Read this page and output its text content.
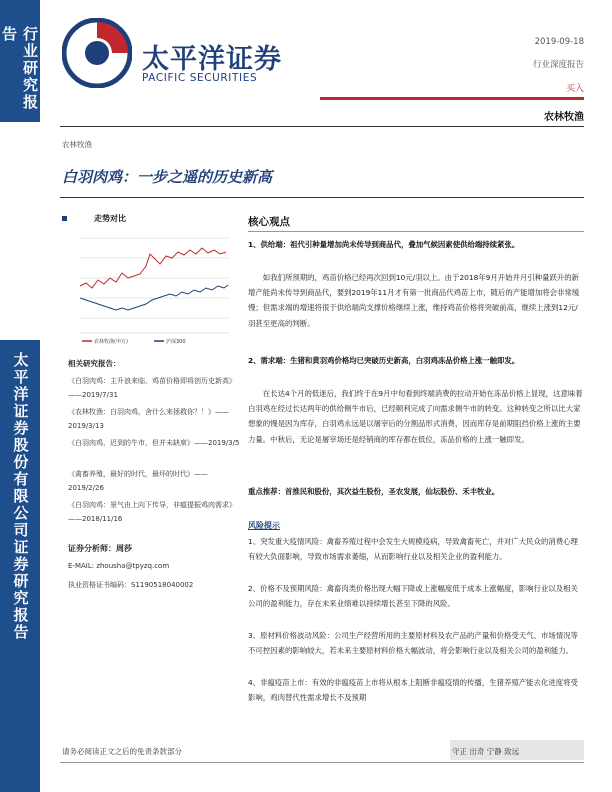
行业研究报告
太平洋证券股份有限公司证券研究报告
太平洋证券
PACIFIC SECURITIES
2019-09-18
行业深度报告
买入
农林牧渔
农林牧渔
白羽肉鸡：一步之遥的历史新高
走势对比
农林牧渔(申万)	沪深300
相关研究报告：
《白羽肉鸡：主升浪来临，鸡苗价格即将创历史新高》——2019/7/31
《农林牧渔：白羽肉鸡，舍什么来拯救你？！》——2019/3/13
《白羽肉鸡，迟到的牛市，但并未缺席》——2019/3/5
《禽畜养殖，最好的时代，最坏的时代》——2019/2/26
《白羽肉鸡：景气由上向下传导，非瘟提振鸡肉需求》——2018/11/16
证券分析师：周莎
E-MAIL: zhousha@tpyzq.com
执业资格证书编码：S1190518040002
核心观点
1、供给端：祖代引种量增加尚未传导到商品代，叠加气候因素使供给端持续紧张。
如我们所预期的，鸡苗价格已经再次回到10元/羽以上。由于2018年9月开始并月引种量跃升的新增产能尚未传导到商品代，要到2019年11月才有第一批商品代鸡苗上市，随后的产能增加将会非常缓慢；但需求端的增速将很于供给端尚支撑价格继续上涨，维持鸡苗价格将突破前高，继续上涨到12元/羽甚至更高的判断。
2、需求端：生猪和黄羽鸡价格均已突破历史新高，白羽鸡冻品价格上涨一触即发。
在长达4个月的低迷后，我们终于在9月中旬看到终端消费的拉动开始在冻品价格上显现，这意味着白羽鸡在经过长达两年的供给侧牛市后，已经顺利完成了向需求侧牛市的转变。这种转变之所以比大家想象的慢是因为库存，白羽鸡永远是以屠宰后的分割品形式消费，因而库存是前期阻挡价格上涨的主要力量。中秋后，无论是屠宰场还是经销商的库存都在低位，冻品价格的上涨一触即发。
重点推荐：首推民和股份，其次益生股份，圣农发展，仙坛股份、禾丰牧业。
风险提示
1、突发重大疫情风险：禽畜养殖过程中会发生大规模疫病，导致禽畜死亡，并对广大民众的消费心理有较大负面影响，导致市场需求萎缩，从而影响行业以及相关企业的盈利能力。
2、价格不及预期风险：禽畜肉类价格出现大幅下降或上涨幅度低于成本上涨幅度，影响行业以及相关公司的盈利能力，存在未来业绩难以持续增长甚至下降的风险。
3、原材料价格波动风险：公司生产经营所用的主要原材料及农产品的产量和价格受天气、市场情况等不可控因素的影响较大，若未来主要原材料价格大幅波动，将会影响行业以及相关公司的盈利能力。
4、非瘟疫苗上市：有效的非瘟疫苗上市将从根本上阻断非瘟疫情的传播，生猪养殖产能去化进度将受影响，鸡肉替代性需求增长不及预期
请务必阅读正文之后的免责条款部分	守正 出奇 宁静 致远
